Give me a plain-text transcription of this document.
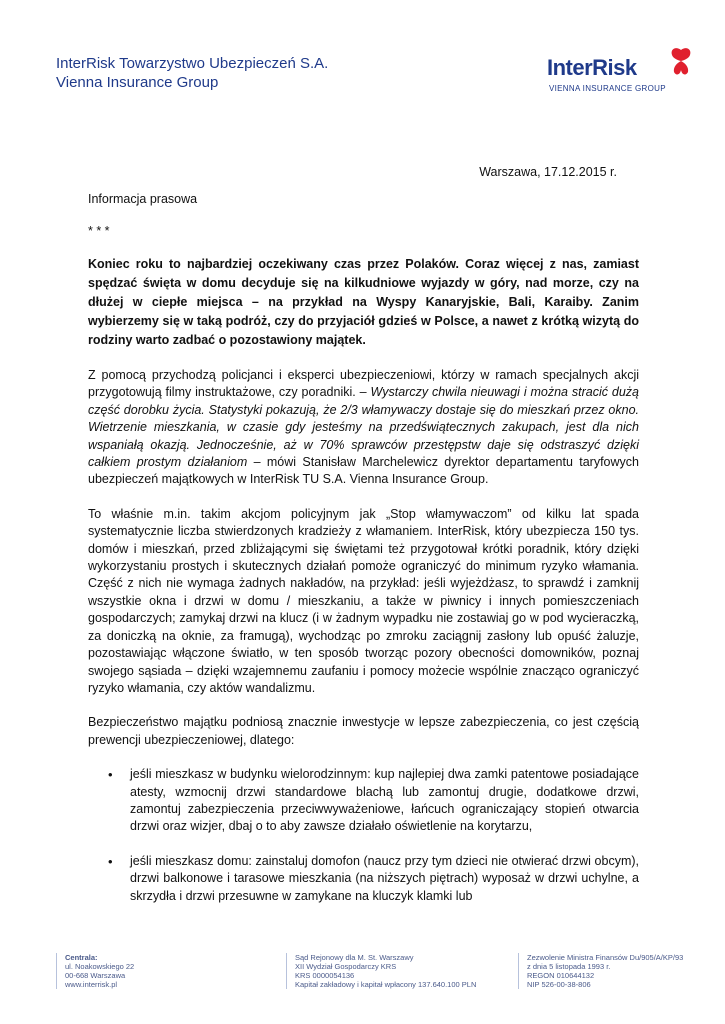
InterRisk Towarzystwo Ubezpieczeń S.A.
Vienna Insurance Group
InterRisk
VIENNA INSURANCE GROUP
Warszawa, 17.12.2015 r.

Informacja prasowa

* * *

Koniec roku to najbardziej oczekiwany czas przez Polaków. Coraz więcej z nas, zamiast spędzać święta w domu decyduje się na kilkudniowe wyjazdy w góry, nad morze, czy na dłużej w ciepłe miejsca – na przykład na Wyspy Kanaryjskie, Bali, Karaiby. Zanim wybierzemy się w taką podróż, czy do przyjaciół gdzieś w Polsce, a nawet z krótką wizytą do rodziny warto zadbać o pozostawiony majątek.

Z pomocą przychodzą policjanci i eksperci ubezpieczeniowi, którzy w ramach specjalnych akcji przygotowują filmy instruktażowe, czy poradniki. – Wystarczy chwila nieuwagi i można stracić dużą część dorobku życia. Statystyki pokazują, że 2/3 włamywaczy dostaje się do mieszkań przez okno. Wietrzenie mieszkania, w czasie gdy jesteśmy na przedświątecznych zakupach, jest dla nich wspaniałą okazją. Jednocześnie, aż w 70% sprawców przestępstw daje się odstraszyć dzięki całkiem prostym działaniom – mówi Stanisław Marchelewicz dyrektor departamentu taryfowych ubezpieczeń majątkowych w InterRisk TU S.A. Vienna Insurance Group.

To właśnie m.in. takim akcjom policyjnym jak „Stop włamywaczom” od kilku lat spada systematycznie liczba stwierdzonych kradzieży z włamaniem. InterRisk, który ubezpiecza 150 tys. domów i mieszkań, przed zbliżającymi się świętami też przygotował krótki poradnik, który dzięki wykorzystaniu prostych i skutecznych działań pomoże ograniczyć do minimum ryzyko włamania. Część z nich nie wymaga żadnych nakładów, na przykład: jeśli wyjeżdżasz, to sprawdź i zamknij wszystkie okna i drzwi w domu / mieszkaniu, a także w piwnicy i innych pomieszczeniach gospodarczych; zamykaj drzwi na klucz (i w żadnym wypadku nie zostawiaj go w pod wycieraczką, za doniczką na oknie, za framugą), wychodząc po zmroku zaciągnij zasłony lub opuść żaluzje, pozostawiając włączone światło, w ten sposób tworząc pozory obecności domowników, poznaj swojego sąsiada – dzięki wzajemnemu zaufaniu i pomocy możecie wspólnie znacząco ograniczyć ryzyko włamania, czy aktów wandalizmu.

Bezpieczeństwo majątku podniosą znacznie inwestycje w lepsze zabezpieczenia, co jest częścią prewencji ubezpieczeniowej, dlatego:

• jeśli mieszkasz w budynku wielorodzinnym: kup najlepiej dwa zamki patentowe posiadające atesty, wzmocnij drzwi standardowe blachą lub zamontuj drugie, dodatkowe drzwi, zamontuj zabezpieczenia przeciwwyważeniowe, łańcuch ograniczający stopień otwarcia drzwi oraz wizjer, dbaj o to aby zawsze działało oświetlenie na korytarzu,
• jeśli mieszkasz domu: zainstaluj domofon (naucz przy tym dzieci nie otwierać drzwi obcym), drzwi balkonowe i tarasowe mieszkania (na niższych piętrach) wyposaż w drzwi uchylne, a skrzydła i drzwi przesuwne w zamykane na kluczyk klamki lub
Centrala:
ul. Noakowskiego 22
00-668 Warszawa
www.interrisk.pl
Sąd Rejonowy dla M. St. Warszawy
XII Wydział Gospodarczy KRS
KRS 0000054136
Kapitał zakładowy i kapitał wpłacony 137.640.100 PLN
Zezwolenie Ministra Finansów Du/905/A/KP/93
z dnia 5 listopada 1993 r.
REGON 010644132
NIP 526-00-38-806
